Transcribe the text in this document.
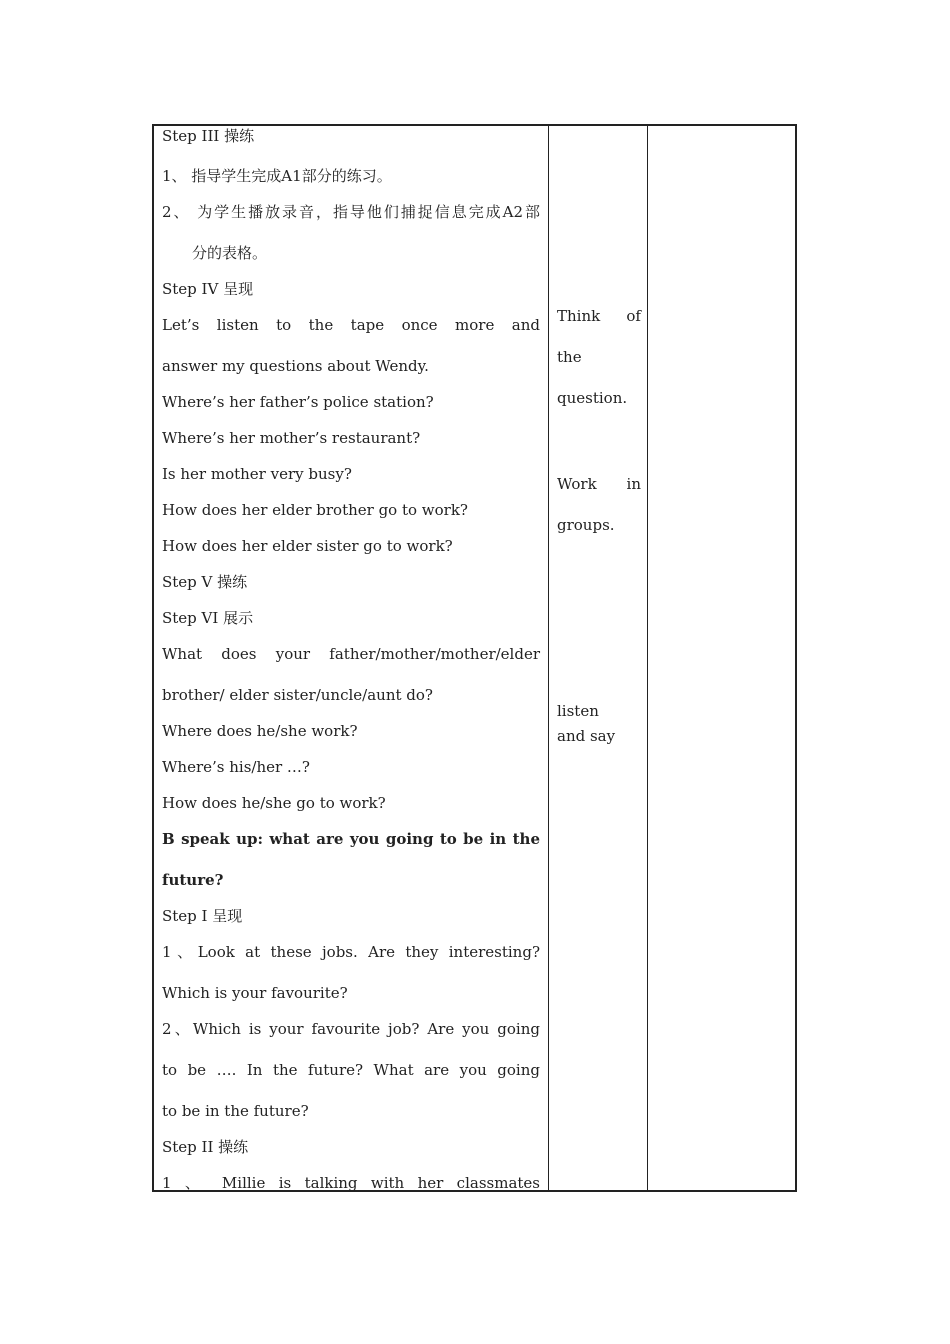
Step III 操练
1、 指导学生完成A1部分的练习。
2、 为学生播放录音，指导他们捕捉信息完成A2部
分的表格。
Step IV 呈现
Let’s listen to the tape once more and
answer my questions about Wendy.
Where’s her father’s police station?
Where’s her mother’s restaurant?
Is her mother very busy?
How does her elder brother go to work?
How does her elder sister go to work?
Step V 操练
Step VI 展示
What does your father/mother/mother/elder
brother/ elder sister/uncle/aunt do?
Where does he/she work?
Where’s his/her …?
How does he/she go to work?
B speak up: what are you going to be in the
future?
Step I 呈现
1、Look at these jobs. Are they interesting?
Which is your favourite?
2、Which is your favourite job? Are you going
to be …. In the future? What are you going
to be in the future?
Step II 操练
1 、 Millie is talking with her classmates
Think of
the
question.
Work in
groups.
listen
and say
